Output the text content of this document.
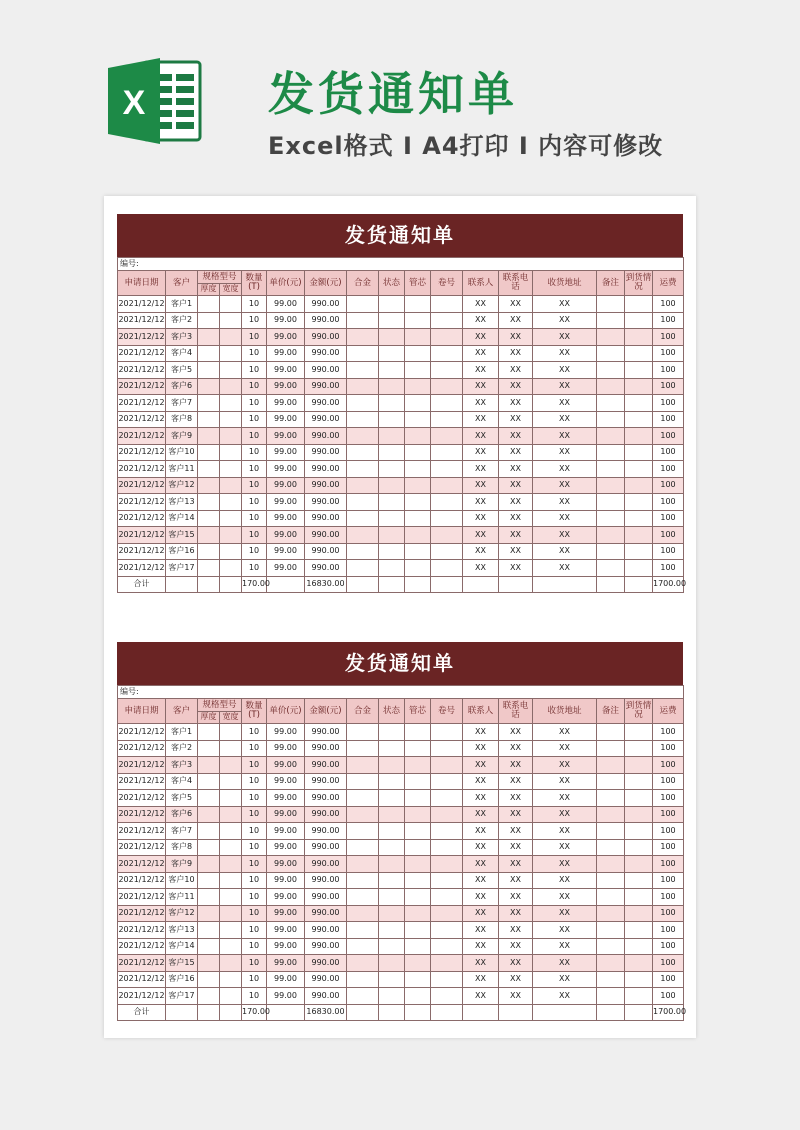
X	发货通知单
Excel格式 I A4打印 I 内容可修改
发货通知单
编号:																
申请日期	客户	规格型号		数量(T)	单价(元)	金额(元)	合金	状态	管芯	卷号	联系人	联系电话	收货地址	备注	到货情况	运费
		厚度	宽度													
2021/12/12	客户1			10	99.00	990.00					XX	XX	XX			100
2021/12/12	客户2			10	99.00	990.00					XX	XX	XX			100
2021/12/12	客户3			10	99.00	990.00					XX	XX	XX			100
2021/12/12	客户4			10	99.00	990.00					XX	XX	XX			100
2021/12/12	客户5			10	99.00	990.00					XX	XX	XX			100
2021/12/12	客户6			10	99.00	990.00					XX	XX	XX			100
2021/12/12	客户7			10	99.00	990.00					XX	XX	XX			100
2021/12/12	客户8			10	99.00	990.00					XX	XX	XX			100
2021/12/12	客户9			10	99.00	990.00					XX	XX	XX			100
2021/12/12	客户10			10	99.00	990.00					XX	XX	XX			100
2021/12/12	客户11			10	99.00	990.00					XX	XX	XX			100
2021/12/12	客户12			10	99.00	990.00					XX	XX	XX			100
2021/12/12	客户13			10	99.00	990.00					XX	XX	XX			100
2021/12/12	客户14			10	99.00	990.00					XX	XX	XX			100
2021/12/12	客户15			10	99.00	990.00					XX	XX	XX			100
2021/12/12	客户16			10	99.00	990.00					XX	XX	XX			100
2021/12/12	客户17			10	99.00	990.00					XX	XX	XX			100
合计				170.00		16830.00										1700.00
发货通知单
编号:																
申请日期	客户	规格型号		数量(T)	单价(元)	金额(元)	合金	状态	管芯	卷号	联系人	联系电话	收货地址	备注	到货情况	运费
		厚度	宽度													
2021/12/12	客户1			10	99.00	990.00					XX	XX	XX			100
2021/12/12	客户2			10	99.00	990.00					XX	XX	XX			100
2021/12/12	客户3			10	99.00	990.00					XX	XX	XX			100
2021/12/12	客户4			10	99.00	990.00					XX	XX	XX			100
2021/12/12	客户5			10	99.00	990.00					XX	XX	XX			100
2021/12/12	客户6			10	99.00	990.00					XX	XX	XX			100
2021/12/12	客户7			10	99.00	990.00					XX	XX	XX			100
2021/12/12	客户8			10	99.00	990.00					XX	XX	XX			100
2021/12/12	客户9			10	99.00	990.00					XX	XX	XX			100
2021/12/12	客户10			10	99.00	990.00					XX	XX	XX			100
2021/12/12	客户11			10	99.00	990.00					XX	XX	XX			100
2021/12/12	客户12			10	99.00	990.00					XX	XX	XX			100
2021/12/12	客户13			10	99.00	990.00					XX	XX	XX			100
2021/12/12	客户14			10	99.00	990.00					XX	XX	XX			100
2021/12/12	客户15			10	99.00	990.00					XX	XX	XX			100
2021/12/12	客户16			10	99.00	990.00					XX	XX	XX			100
2021/12/12	客户17			10	99.00	990.00					XX	XX	XX			100
合计				170.00		16830.00										1700.00
